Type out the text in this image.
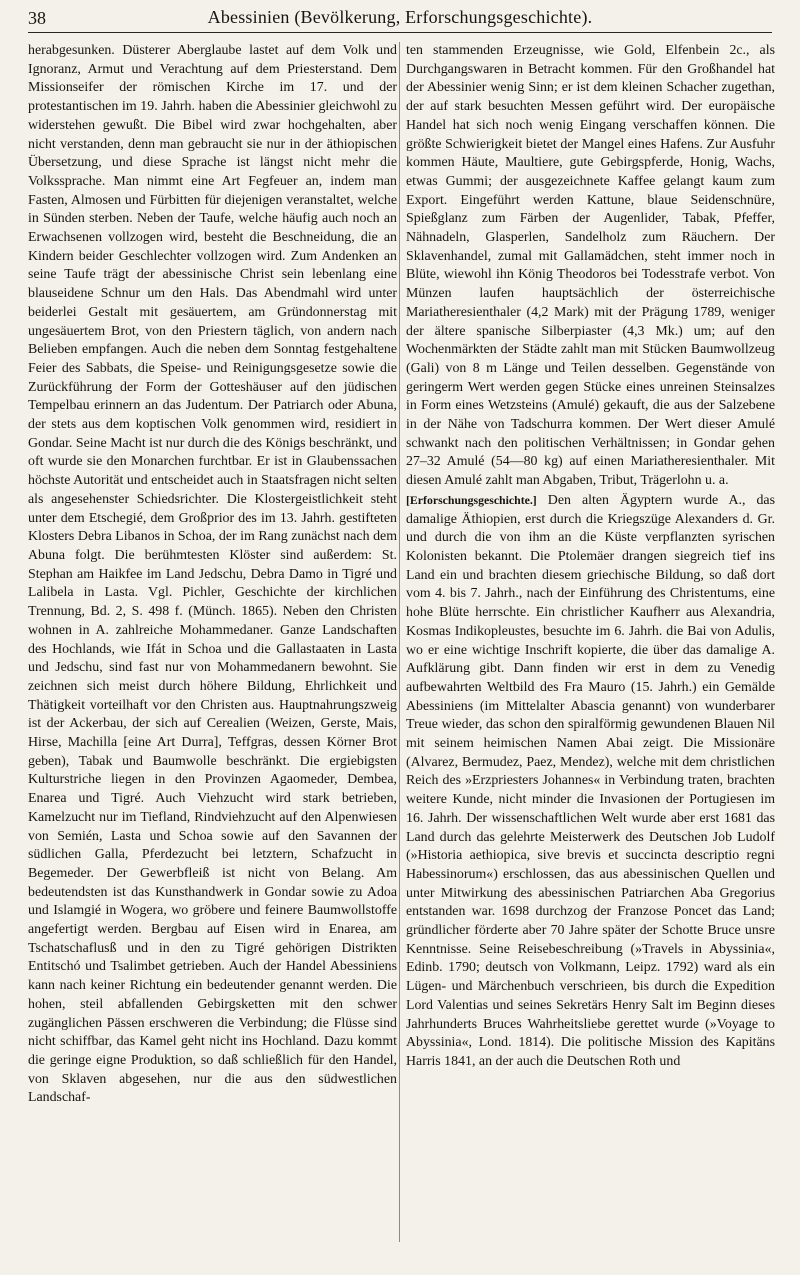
38	Abessinien (Bevölkerung, Erforschungsgeschichte).

herabgesunken. Düsterer Aberglaube lastet auf dem Volk und Ignoranz, Armut und Verachtung auf dem Priesterstand. Dem Missionseifer der römischen Kirche im 17. und der protestantischen im 19. Jahrh. haben die Abessinier gleichwohl zu widerstehen gewußt. Die Bibel wird zwar hochgehalten, aber nicht verstanden, denn man gebraucht sie nur in der äthiopischen Übersetzung, und diese Sprache ist längst nicht mehr die Volkssprache. Man nimmt eine Art Fegfeuer an, indem man Fasten, Almosen und Fürbitten für diejenigen veranstaltet, welche in Sünden sterben. Neben der Taufe, welche häufig auch noch an Erwachsenen vollzogen wird, besteht die Beschneidung, die an Kindern beider Geschlechter vollzogen wird. Zum Andenken an seine Taufe trägt der abessinische Christ sein lebenlang eine blauseidene Schnur um den Hals. Das Abendmahl wird unter beiderlei Gestalt mit gesäuertem, am Gründonnerstag mit ungesäuertem Brot, von den Priestern täglich, von andern nach Belieben empfangen. Auch die neben dem Sonntag festgehaltene Feier des Sabbats, die Speise- und Reinigungsgesetze sowie die Zurückführung der Form der Gotteshäuser auf den jüdischen Tempelbau erinnern an das Judentum. Der Patriarch oder Abuna, der stets aus dem koptischen Volk genommen wird, residiert in Gondar. Seine Macht ist nur durch die des Königs beschränkt, und oft wurde sie den Monarchen furchtbar. Er ist in Glaubenssachen höchste Autorität und entscheidet auch in Staatsfragen nicht selten als angesehenster Schiedsrichter. Die Klostergeistlichkeit steht unter dem Etschegié, dem Großprior des im 13. Jahrh. gestifteten Klosters Debra Libanos in Schoa, der im Rang zunächst nach dem Abuna folgt. Die berühmtesten Klöster sind außerdem: St. Stephan am Haikfee im Land Jedschu, Debra Damo in Tigré und Lalibela in Lasta. Vgl. Pichler, Geschichte der kirchlichen Trennung, Bd. 2, S. 498 f. (Münch. 1865). Neben den Christen wohnen in A. zahlreiche Mohammedaner. Ganze Landschaften des Hochlands, wie Ifát in Schoa und die Gallastaaten in Lasta und Jedschu, sind fast nur von Mohammedanern bewohnt. Sie zeichnen sich meist durch höhere Bildung, Ehrlichkeit und Thätigkeit vorteilhaft vor den Christen aus. Hauptnahrungszweig ist der Ackerbau, der sich auf Cerealien (Weizen, Gerste, Mais, Hirse, Machilla [eine Art Durra], Teffgras, dessen Körner Brot geben), Tabak und Baumwolle beschränkt. Die ergiebigsten Kulturstriche liegen in den Provinzen Agaomeder, Dembea, Enarea und Tigré. Auch Viehzucht wird stark betrieben, Kamelzucht nur im Tiefland, Rindviehzucht auf den Alpenwiesen von Semién, Lasta und Schoa sowie auf den Savannen der südlichen Galla, Pferdezucht bei letztern, Schafzucht in Begemeder. Der Gewerbfleiß ist nicht von Belang. Am bedeutendsten ist das Kunsthandwerk in Gondar sowie zu Adoa und Islamgié in Wogera, wo gröbere und feinere Baumwollstoffe angefertigt werden. Bergbau auf Eisen wird in Enarea, am Tschatschaflusß und in den zu Tigré gehörigen Distrikten Entitschó und Tsalimbet getrieben. Auch der Handel Abessiniens kann nach keiner Richtung ein bedeutender genannt werden. Die hohen, steil abfallenden Gebirgsketten mit den schwer zugänglichen Pässen erschweren die Verbindung; die Flüsse sind nicht schiffbar, das Kamel geht nicht ins Hochland. Dazu kommt die geringe eigne Produktion, so daß schließlich für den Handel, von Sklaven abgesehen, nur die aus den südwestlichen Landschaf-

ten stammenden Erzeugnisse, wie Gold, Elfenbein 2c., als Durchgangswaren in Betracht kommen. Für den Großhandel hat der Abessinier wenig Sinn; er ist dem kleinen Schacher zugethan, der auf stark besuchten Messen geführt wird. Der europäische Handel hat sich noch wenig Eingang verschaffen können. Die größte Schwierigkeit bietet der Mangel eines Hafens. Zur Ausfuhr kommen Häute, Maultiere, gute Gebirgspferde, Honig, Wachs, etwas Gummi; der ausgezeichnete Kaffee gelangt kaum zum Export. Eingeführt werden Kattune, blaue Seidenschnüre, Spießglanz zum Färben der Augenlider, Tabak, Pfeffer, Nähnadeln, Glasperlen, Sandelholz zum Räuchern. Der Sklavenhandel, zumal mit Gallamädchen, steht immer noch in Blüte, wiewohl ihn König Theodoros bei Todesstrafe verbot. Von Münzen laufen hauptsächlich der österreichische Mariatheresienthaler (4,2 Mark) mit der Prägung 1789, weniger der ältere spanische Silberpiaster (4,3 Mk.) um; auf den Wochenmärkten der Städte zahlt man mit Stücken Baumwollzeug (Gali) von 8 m Länge und Teilen desselben. Gegenstände von geringerm Wert werden gegen Stücke eines unreinen Steinsalzes in Form eines Wetzsteins (Amulé) gekauft, die aus der Salzebene in der Nähe von Tadschurra kommen. Der Wert dieser Amulé schwankt nach den politischen Verhältnissen; in Gondar gehen 27–32 Amulé (54—80 kg) auf einen Mariatheresienthaler. Mit diesen Amulé zahlt man Abgaben, Tribut, Trägerlohn u. a.

[Erforschungsgeschichte.] Den alten Ägyptern wurde A., das damalige Äthiopien, erst durch die Kriegszüge Alexanders d. Gr. und durch die von ihm an die Küste verpflanzten syrischen Kolonisten bekannt. Die Ptolemäer drangen siegreich tief ins Land ein und brachten diesem griechische Bildung, so daß dort vom 4. bis 7. Jahrh., nach der Einführung des Christentums, eine hohe Blüte herrschte. Ein christlicher Kaufherr aus Alexandria, Kosmas Indikopleustes, besuchte im 6. Jahrh. die Bai von Adulis, wo er eine wichtige Inschrift kopierte, die über das damalige A. Aufklärung gibt. Dann finden wir erst in dem zu Venedig aufbewahrten Weltbild des Fra Mauro (15. Jahrh.) ein Gemälde Abessiniens (im Mittelalter Abascia genannt) von wunderbarer Treue wieder, das schon den spiralförmig gewundenen Blauen Nil mit seinem heimischen Namen Abai zeigt. Die Missionäre (Alvarez, Bermudez, Paez, Mendez), welche mit dem christlichen Reich des »Erzpriesters Johannes« in Verbindung traten, brachten weitere Kunde, nicht minder die Invasionen der Portugiesen im 16. Jahrh. Der wissenschaftlichen Welt wurde aber erst 1681 das Land durch das gelehrte Meisterwerk des Deutschen Job Ludolf (»Historia aethiopica, sive brevis et succincta descriptio regni Habessinorum«) erschlossen, das aus abessinischen Quellen und unter Mitwirkung des abessinischen Patriarchen Aba Gregorius entstanden war. 1698 durchzog der Franzose Poncet das Land; gründlicher förderte aber 70 Jahre später der Schotte Bruce unsre Kenntnisse. Seine Reisebeschreibung (»Travels in Abyssinia«, Edinb. 1790; deutsch von Volkmann, Leipz. 1792) ward als ein Lügen- und Märchenbuch verschrieen, bis durch die Expedition Lord Valentias und seines Sekretärs Henry Salt im Beginn dieses Jahrhunderts Bruces Wahrheitsliebe gerettet wurde (»Voyage to Abyssinia«, Lond. 1814). Die politische Mission des Kapitäns Harris 1841, an der auch die Deutschen Roth und
